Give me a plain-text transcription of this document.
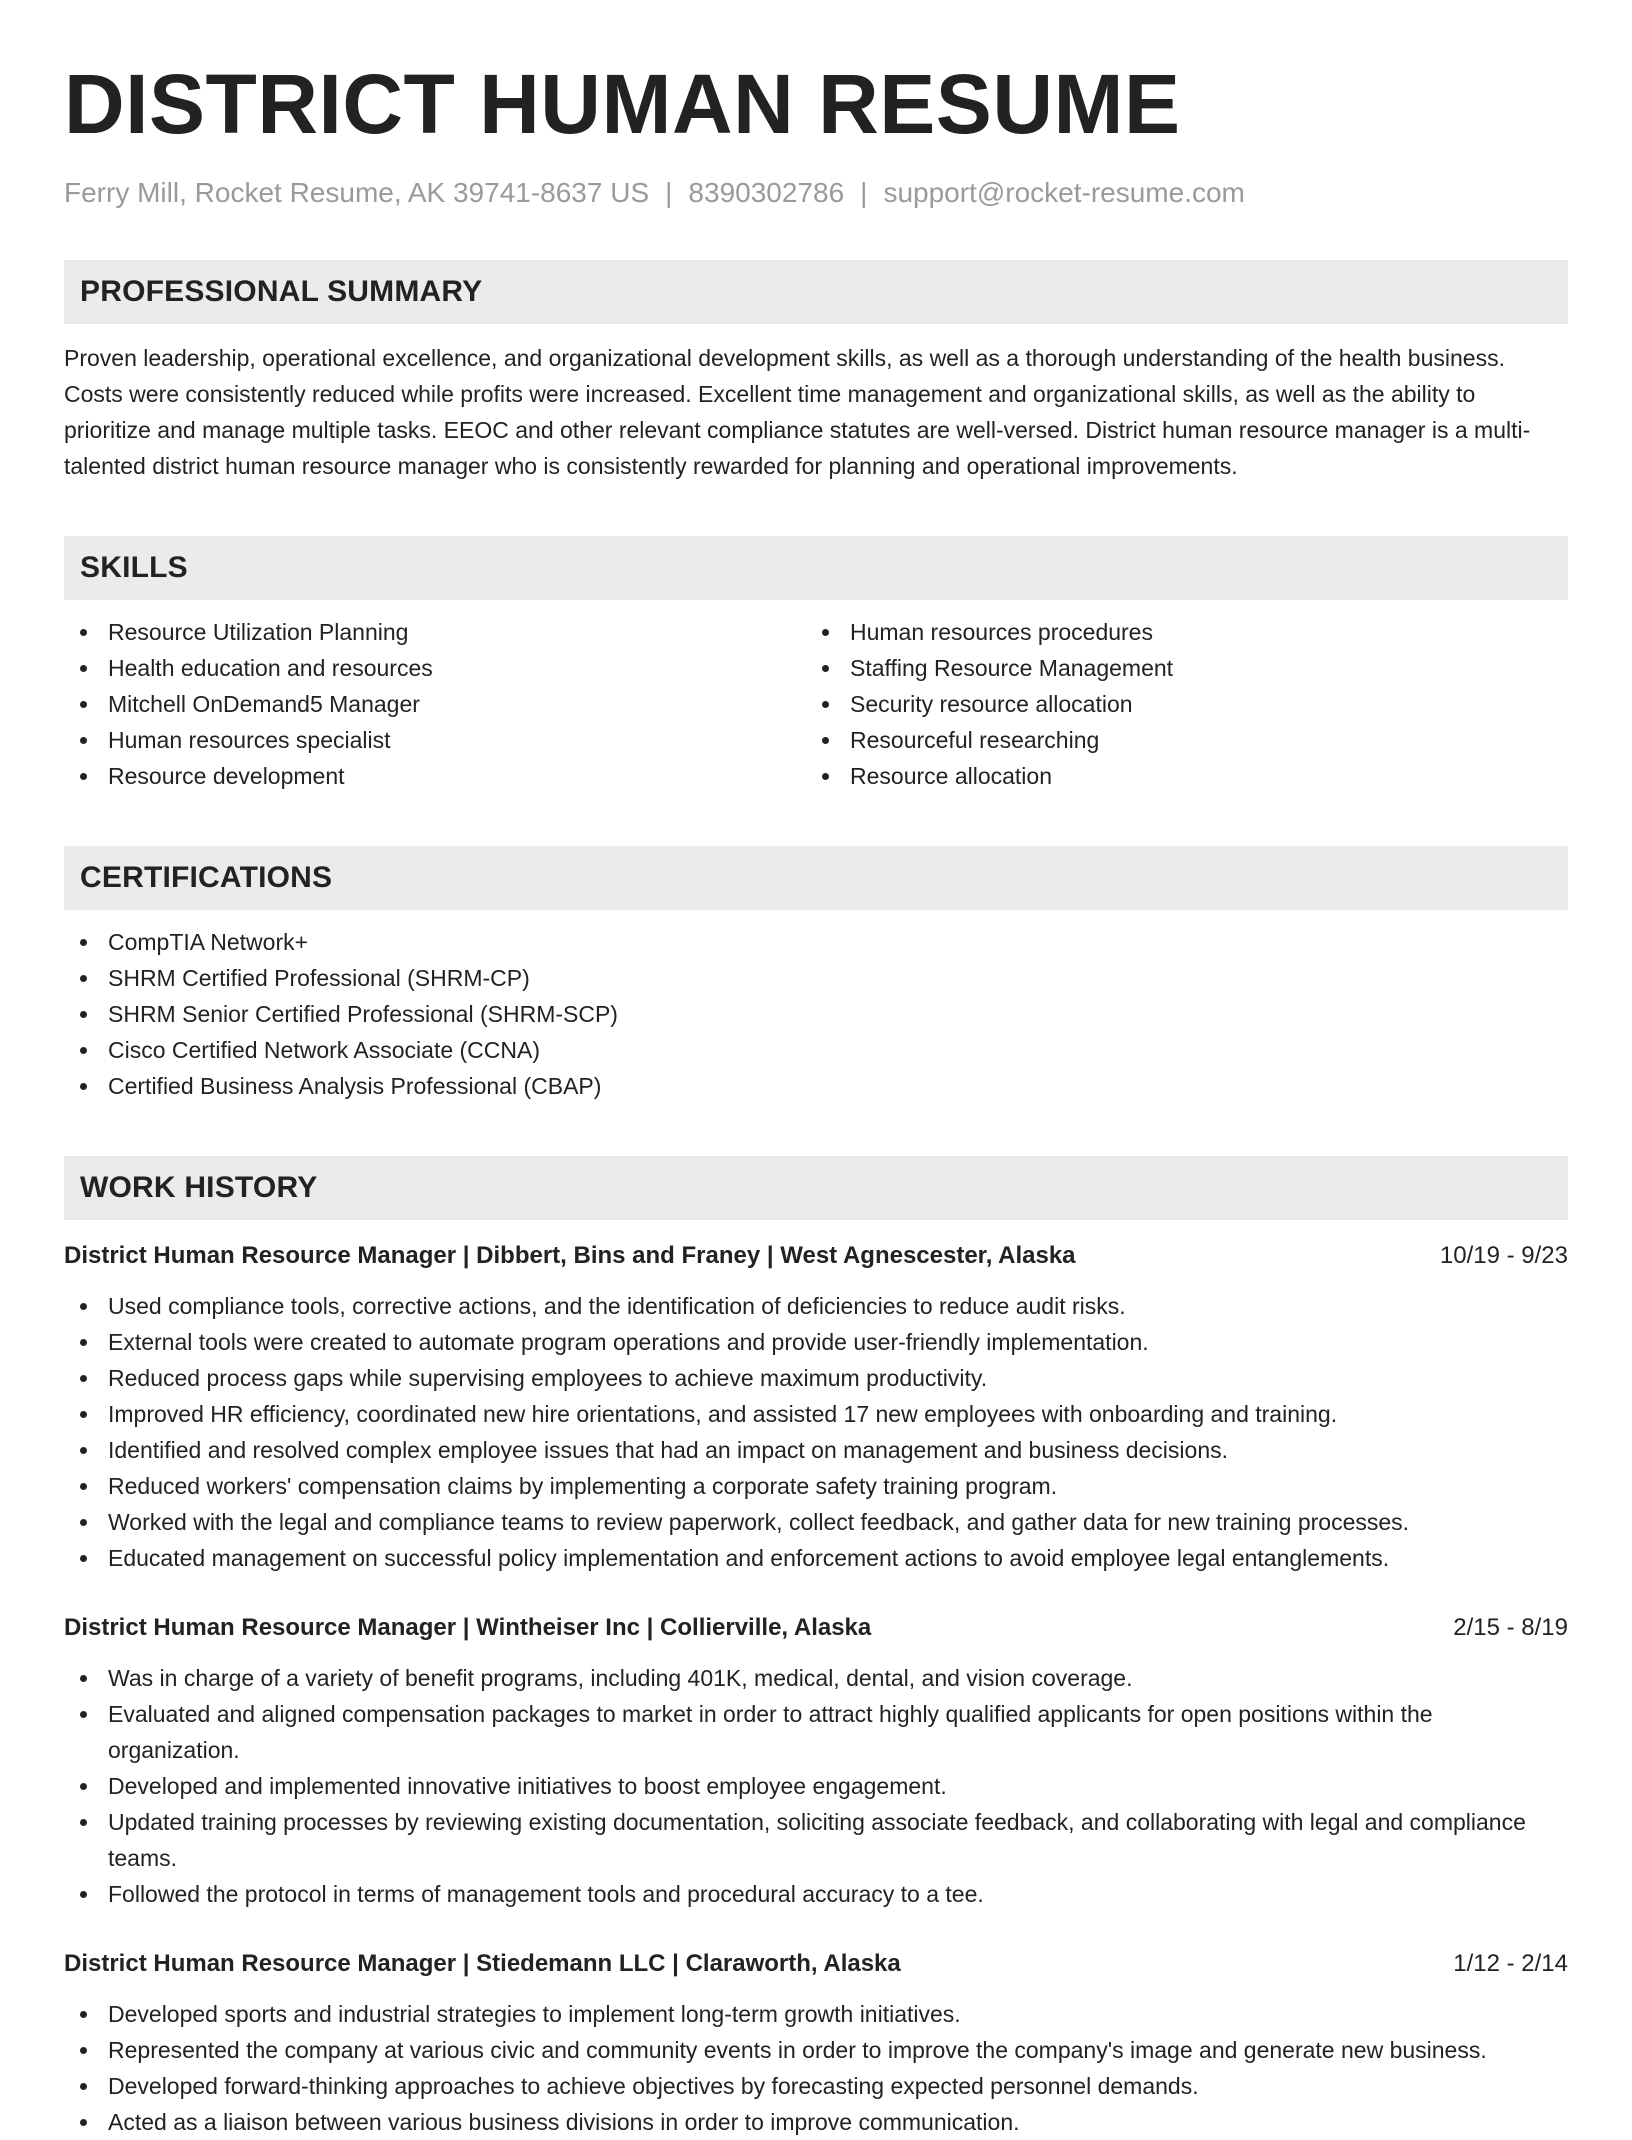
DISTRICT HUMAN RESUME
Ferry Mill, Rocket Resume, AK 39741-8637 US | 8390302786 | support@rocket-resume.com
PROFESSIONAL SUMMARY
Proven leadership, operational excellence, and organizational development skills, as well as a thorough understanding of the health business. Costs were consistently reduced while profits were increased. Excellent time management and organizational skills, as well as the ability to prioritize and manage multiple tasks. EEOC and other relevant compliance statutes are well-versed. District human resource manager is a multi-talented district human resource manager who is consistently rewarded for planning and operational improvements.
SKILLS
Resource Utilization Planning
Health education and resources
Mitchell OnDemand5 Manager
Human resources specialist
Resource development
Human resources procedures
Staffing Resource Management
Security resource allocation
Resourceful researching
Resource allocation
CERTIFICATIONS
CompTIA Network+
SHRM Certified Professional (SHRM-CP)
SHRM Senior Certified Professional (SHRM-SCP)
Cisco Certified Network Associate (CCNA)
Certified Business Analysis Professional (CBAP)
WORK HISTORY
District Human Resource Manager | Dibbert, Bins and Franey | West Agnescester, Alaska	10/19 - 9/23
Used compliance tools, corrective actions, and the identification of deficiencies to reduce audit risks.
External tools were created to automate program operations and provide user-friendly implementation.
Reduced process gaps while supervising employees to achieve maximum productivity.
Improved HR efficiency, coordinated new hire orientations, and assisted 17 new employees with onboarding and training.
Identified and resolved complex employee issues that had an impact on management and business decisions.
Reduced workers' compensation claims by implementing a corporate safety training program.
Worked with the legal and compliance teams to review paperwork, collect feedback, and gather data for new training processes.
Educated management on successful policy implementation and enforcement actions to avoid employee legal entanglements.
District Human Resource Manager | Wintheiser Inc | Collierville, Alaska	2/15 - 8/19
Was in charge of a variety of benefit programs, including 401K, medical, dental, and vision coverage.
Evaluated and aligned compensation packages to market in order to attract highly qualified applicants for open positions within the organization.
Developed and implemented innovative initiatives to boost employee engagement.
Updated training processes by reviewing existing documentation, soliciting associate feedback, and collaborating with legal and compliance teams.
Followed the protocol in terms of management tools and procedural accuracy to a tee.
District Human Resource Manager | Stiedemann LLC | Claraworth, Alaska	1/12 - 2/14
Developed sports and industrial strategies to implement long-term growth initiatives.
Represented the company at various civic and community events in order to improve the company's image and generate new business.
Developed forward-thinking approaches to achieve objectives by forecasting expected personnel demands.
Acted as a liaison between various business divisions in order to improve communication.
